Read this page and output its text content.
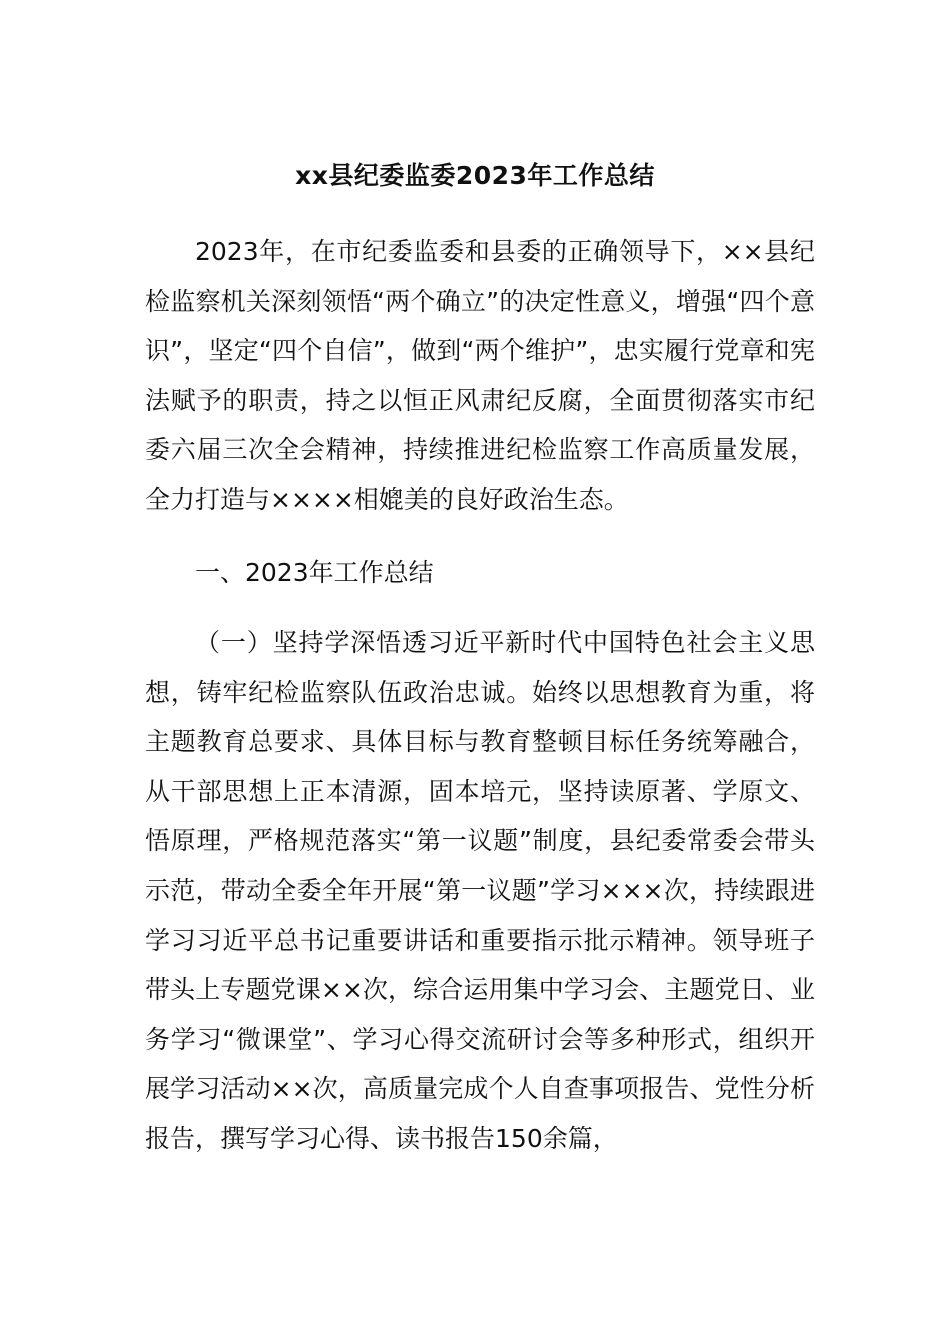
xx县纪委监委2023年工作总结

2023年，在市纪委监委和县委的正确领导下，××县纪检监察机关深刻领悟“两个确立”的决定性意义，增强“四个意识”，坚定“四个自信”，做到“两个维护”，忠实履行党章和宪法赋予的职责，持之以恒正风肃纪反腐，全面贯彻落实市纪委六届三次全会精神，持续推进纪检监察工作高质量发展，全力打造与××××相媲美的良好政治生态。

一、2023年工作总结

（一）坚持学深悟透习近平新时代中国特色社会主义思想，铸牢纪检监察队伍政治忠诚。始终以思想教育为重，将主题教育总要求、具体目标与教育整顿目标任务统筹融合，从干部思想上正本清源，固本培元，坚持读原著、学原文、悟原理，严格规范落实“第一议题”制度，县纪委常委会带头示范，带动全委全年开展“第一议题”学习×××次，持续跟进学习习近平总书记重要讲话和重要指示批示精神。领导班子带头上专题党课××次，综合运用集中学习会、主题党日、业务学习“微课堂”、学习心得交流研讨会等多种形式，组织开展学习活动××次，高质量完成个人自查事项报告、党性分析报告，撰写学习心得、读书报告150余篇，
